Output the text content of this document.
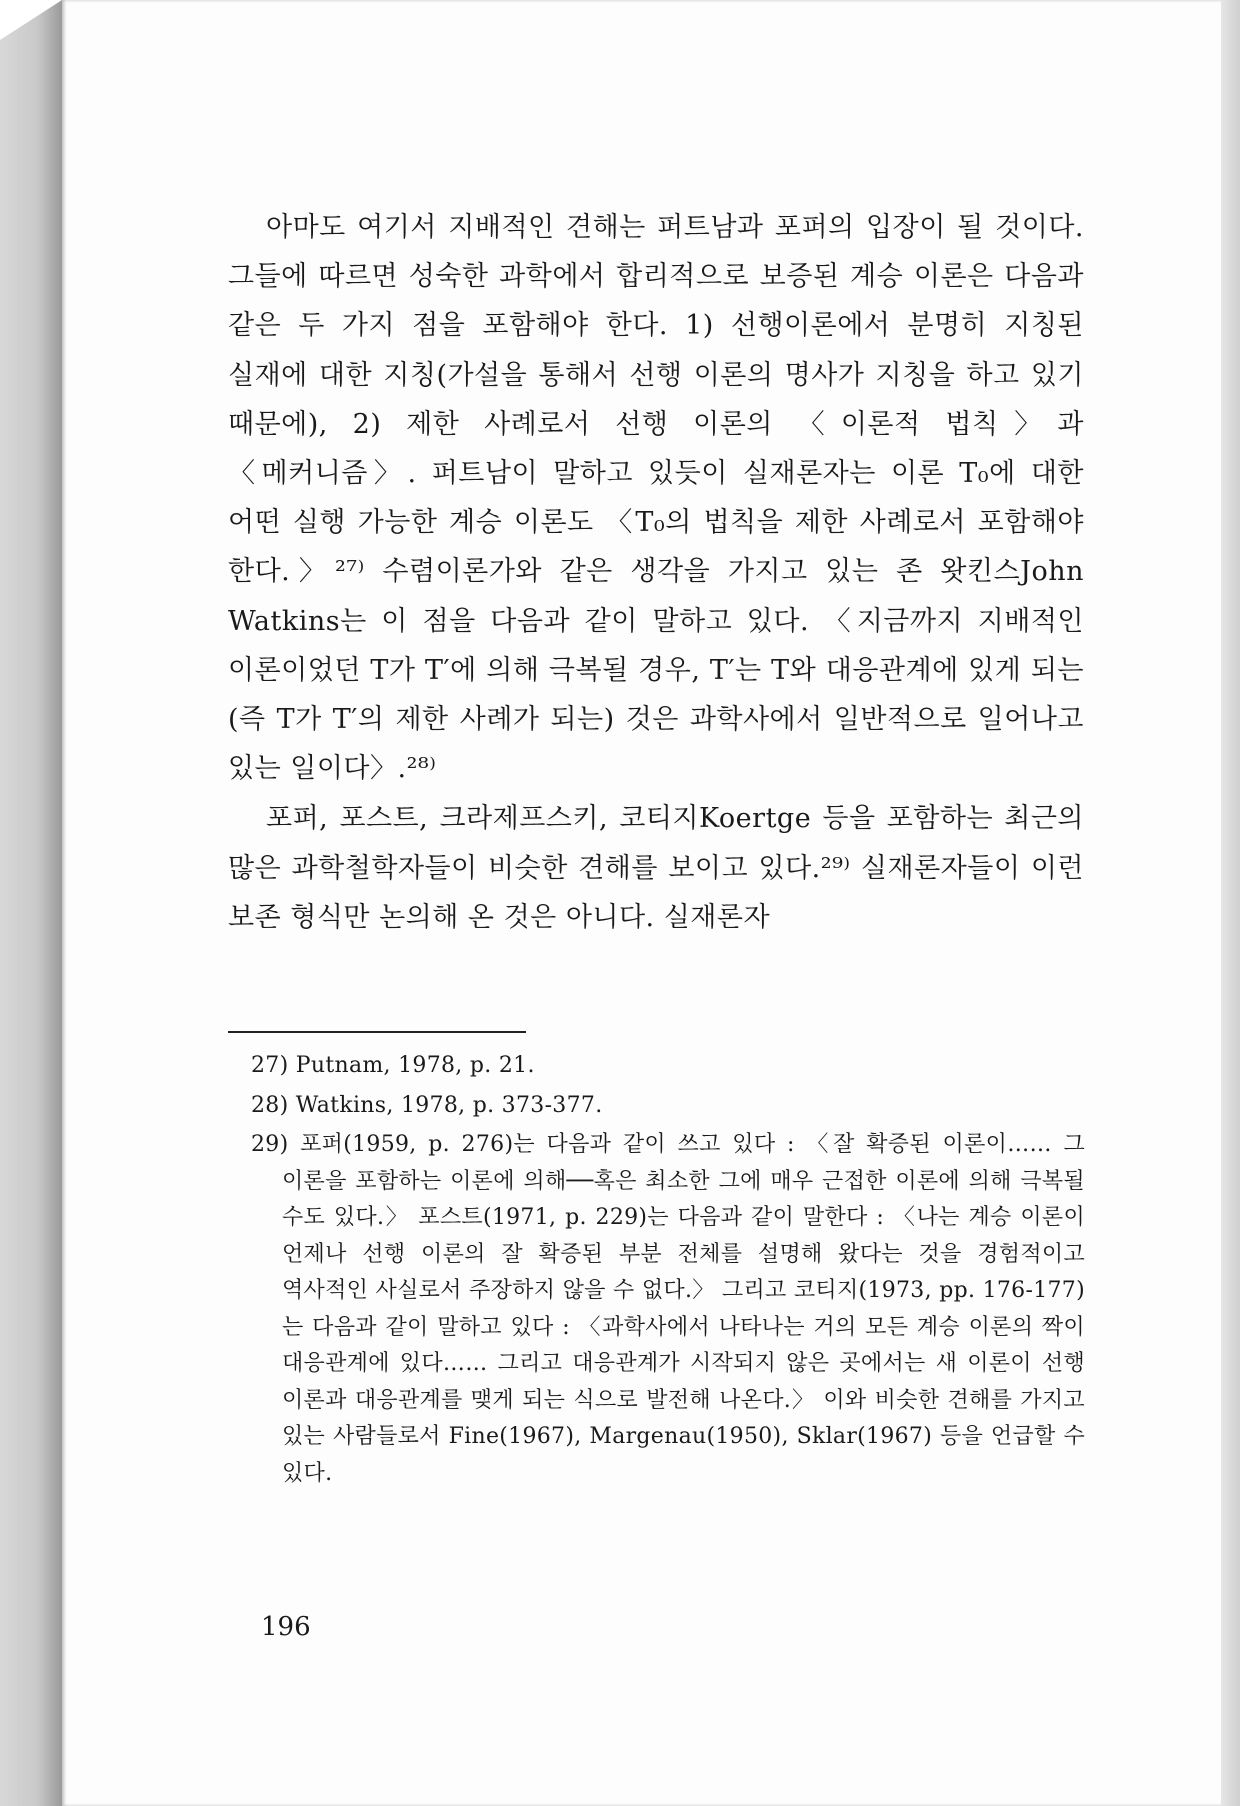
아마도 여기서 지배적인 견해는 퍼트남과 포퍼의 입장이 될 것이다. 그들에 따르면 성숙한 과학에서 합리적으로 보증된 계승 이론은 다음과 같은 두 가지 점을 포함해야 한다. 1) 선행이론에서 분명히 지칭된 실재에 대한 지칭(가설을 통해서 선행 이론의 명사가 지칭을 하고 있기 때문에), 2) 제한 사례로서 선행 이론의 〈이론적 법칙〉과 〈메커니즘〉. 퍼트남이 말하고 있듯이 실재론자는 이론 T₀에 대한 어떤 실행 가능한 계승 이론도 〈T₀의 법칙을 제한 사례로서 포함해야 한다.〉²⁷⁾ 수렴이론가와 같은 생각을 가지고 있는 존 왓킨스John Watkins는 이 점을 다음과 같이 말하고 있다. 〈지금까지 지배적인 이론이었던 T가 T′에 의해 극복될 경우, T′는 T와 대응관계에 있게 되는(즉 T가 T′의 제한 사례가 되는) 것은 과학사에서 일반적으로 일어나고 있는 일이다〉.²⁸⁾

포퍼, 포스트, 크라제프스키, 코티지Koertge 등을 포함하는 최근의 많은 과학철학자들이 비슷한 견해를 보이고 있다.²⁹⁾ 실재론자들이 이런 보존 형식만 논의해 온 것은 아니다. 실재론자

27) Putnam, 1978, p. 21.

28) Watkins, 1978, p. 373-377.

29) 포퍼(1959, p. 276)는 다음과 같이 쓰고 있다 : 〈잘 확증된 이론이…… 그 이론을 포함하는 이론에 의해──혹은 최소한 그에 매우 근접한 이론에 의해 극복될 수도 있다.〉 포스트(1971, p. 229)는 다음과 같이 말한다 : 〈나는 계승 이론이 언제나 선행 이론의 잘 확증된 부분 전체를 설명해 왔다는 것을 경험적이고 역사적인 사실로서 주장하지 않을 수 없다.〉 그리고 코티지(1973, pp. 176-177)는 다음과 같이 말하고 있다 : 〈과학사에서 나타나는 거의 모든 계승 이론의 짝이 대응관계에 있다…… 그리고 대응관계가 시작되지 않은 곳에서는 새 이론이 선행 이론과 대응관계를 맺게 되는 식으로 발전해 나온다.〉 이와 비슷한 견해를 가지고 있는 사람들로서 Fine(1967), Margenau(1950), Sklar(1967) 등을 언급할 수 있다.

196
